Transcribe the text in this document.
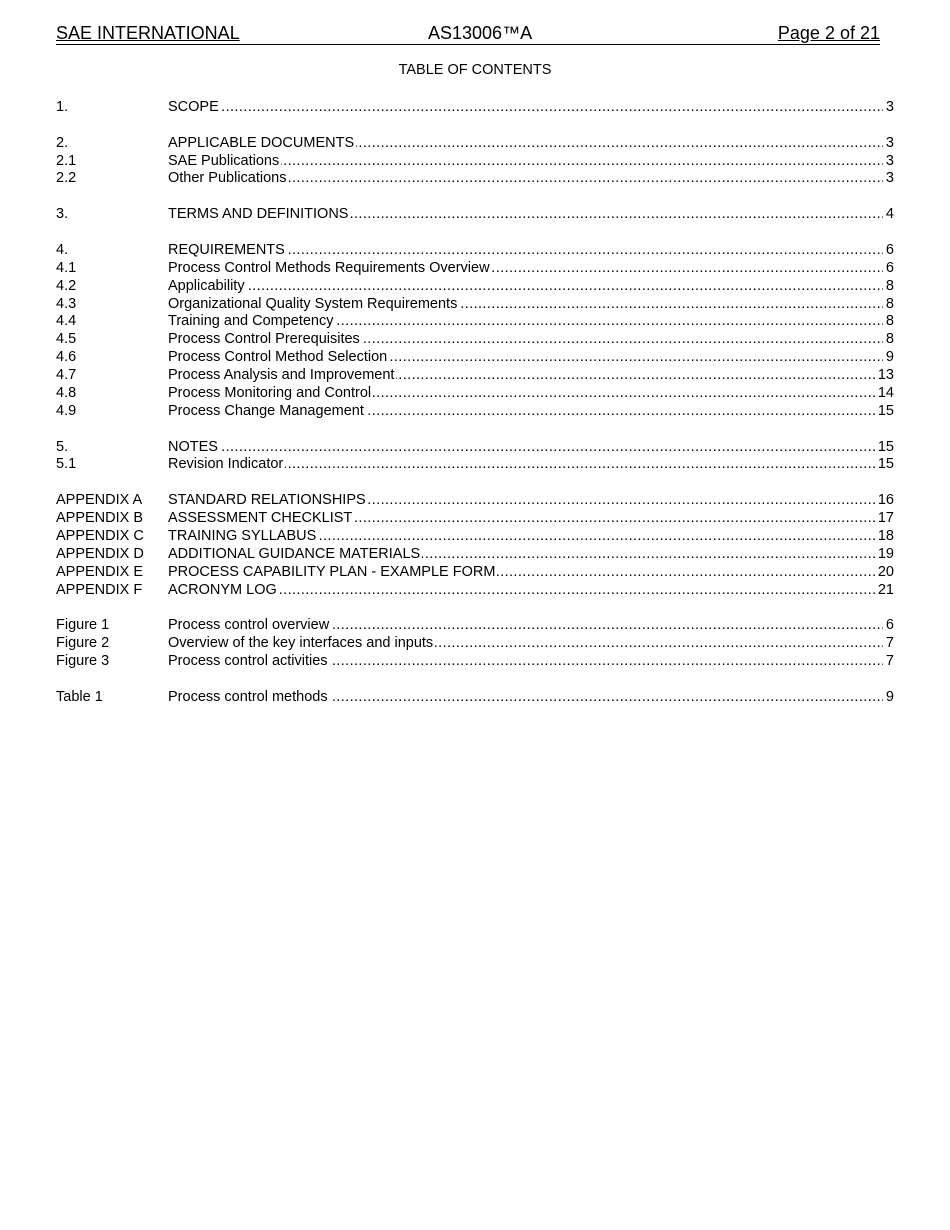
SAE INTERNATIONAL	AS13006™A	Page 2 of 21
TABLE OF CONTENTS
1.	SCOPE	3
.....
2.	APPLICABLE DOCUMENTS	3
.....
2.1	SAE Publications	3
.....
2.2	Other Publications	3
.....
3.	TERMS AND DEFINITIONS	4
.....
4.	REQUIREMENTS	6
.....
4.1	Process Control Methods Requirements Overview	6
.....
4.2	Applicability	8
.....
4.3	Organizational Quality System Requirements	8
.....
4.4	Training and Competency	8
.....
4.5	Process Control Prerequisites	8
.....
4.6	Process Control Method Selection	9
.....
4.7	Process Analysis and Improvement	13
.....
4.8	Process Monitoring and Control	14
.....
4.9	Process Change Management	15
.....
5.	NOTES	15
.....
5.1	Revision Indicator	15
.....
APPENDIX A	STANDARD RELATIONSHIPS	16
.....
APPENDIX B	ASSESSMENT CHECKLIST	17
.....
APPENDIX C	TRAINING SYLLABUS	18
.....
APPENDIX D	ADDITIONAL GUIDANCE MATERIALS	19
.....
APPENDIX E	PROCESS CAPABILITY PLAN - EXAMPLE FORM	20
.....
APPENDIX F	ACRONYM LOG	21
.....
Figure 1	Process control overview	6
.....
Figure 2	Overview of the key interfaces and inputs	7
.....
Figure 3	Process control activities	7
.....
Table 1	Process control methods	9
.....
